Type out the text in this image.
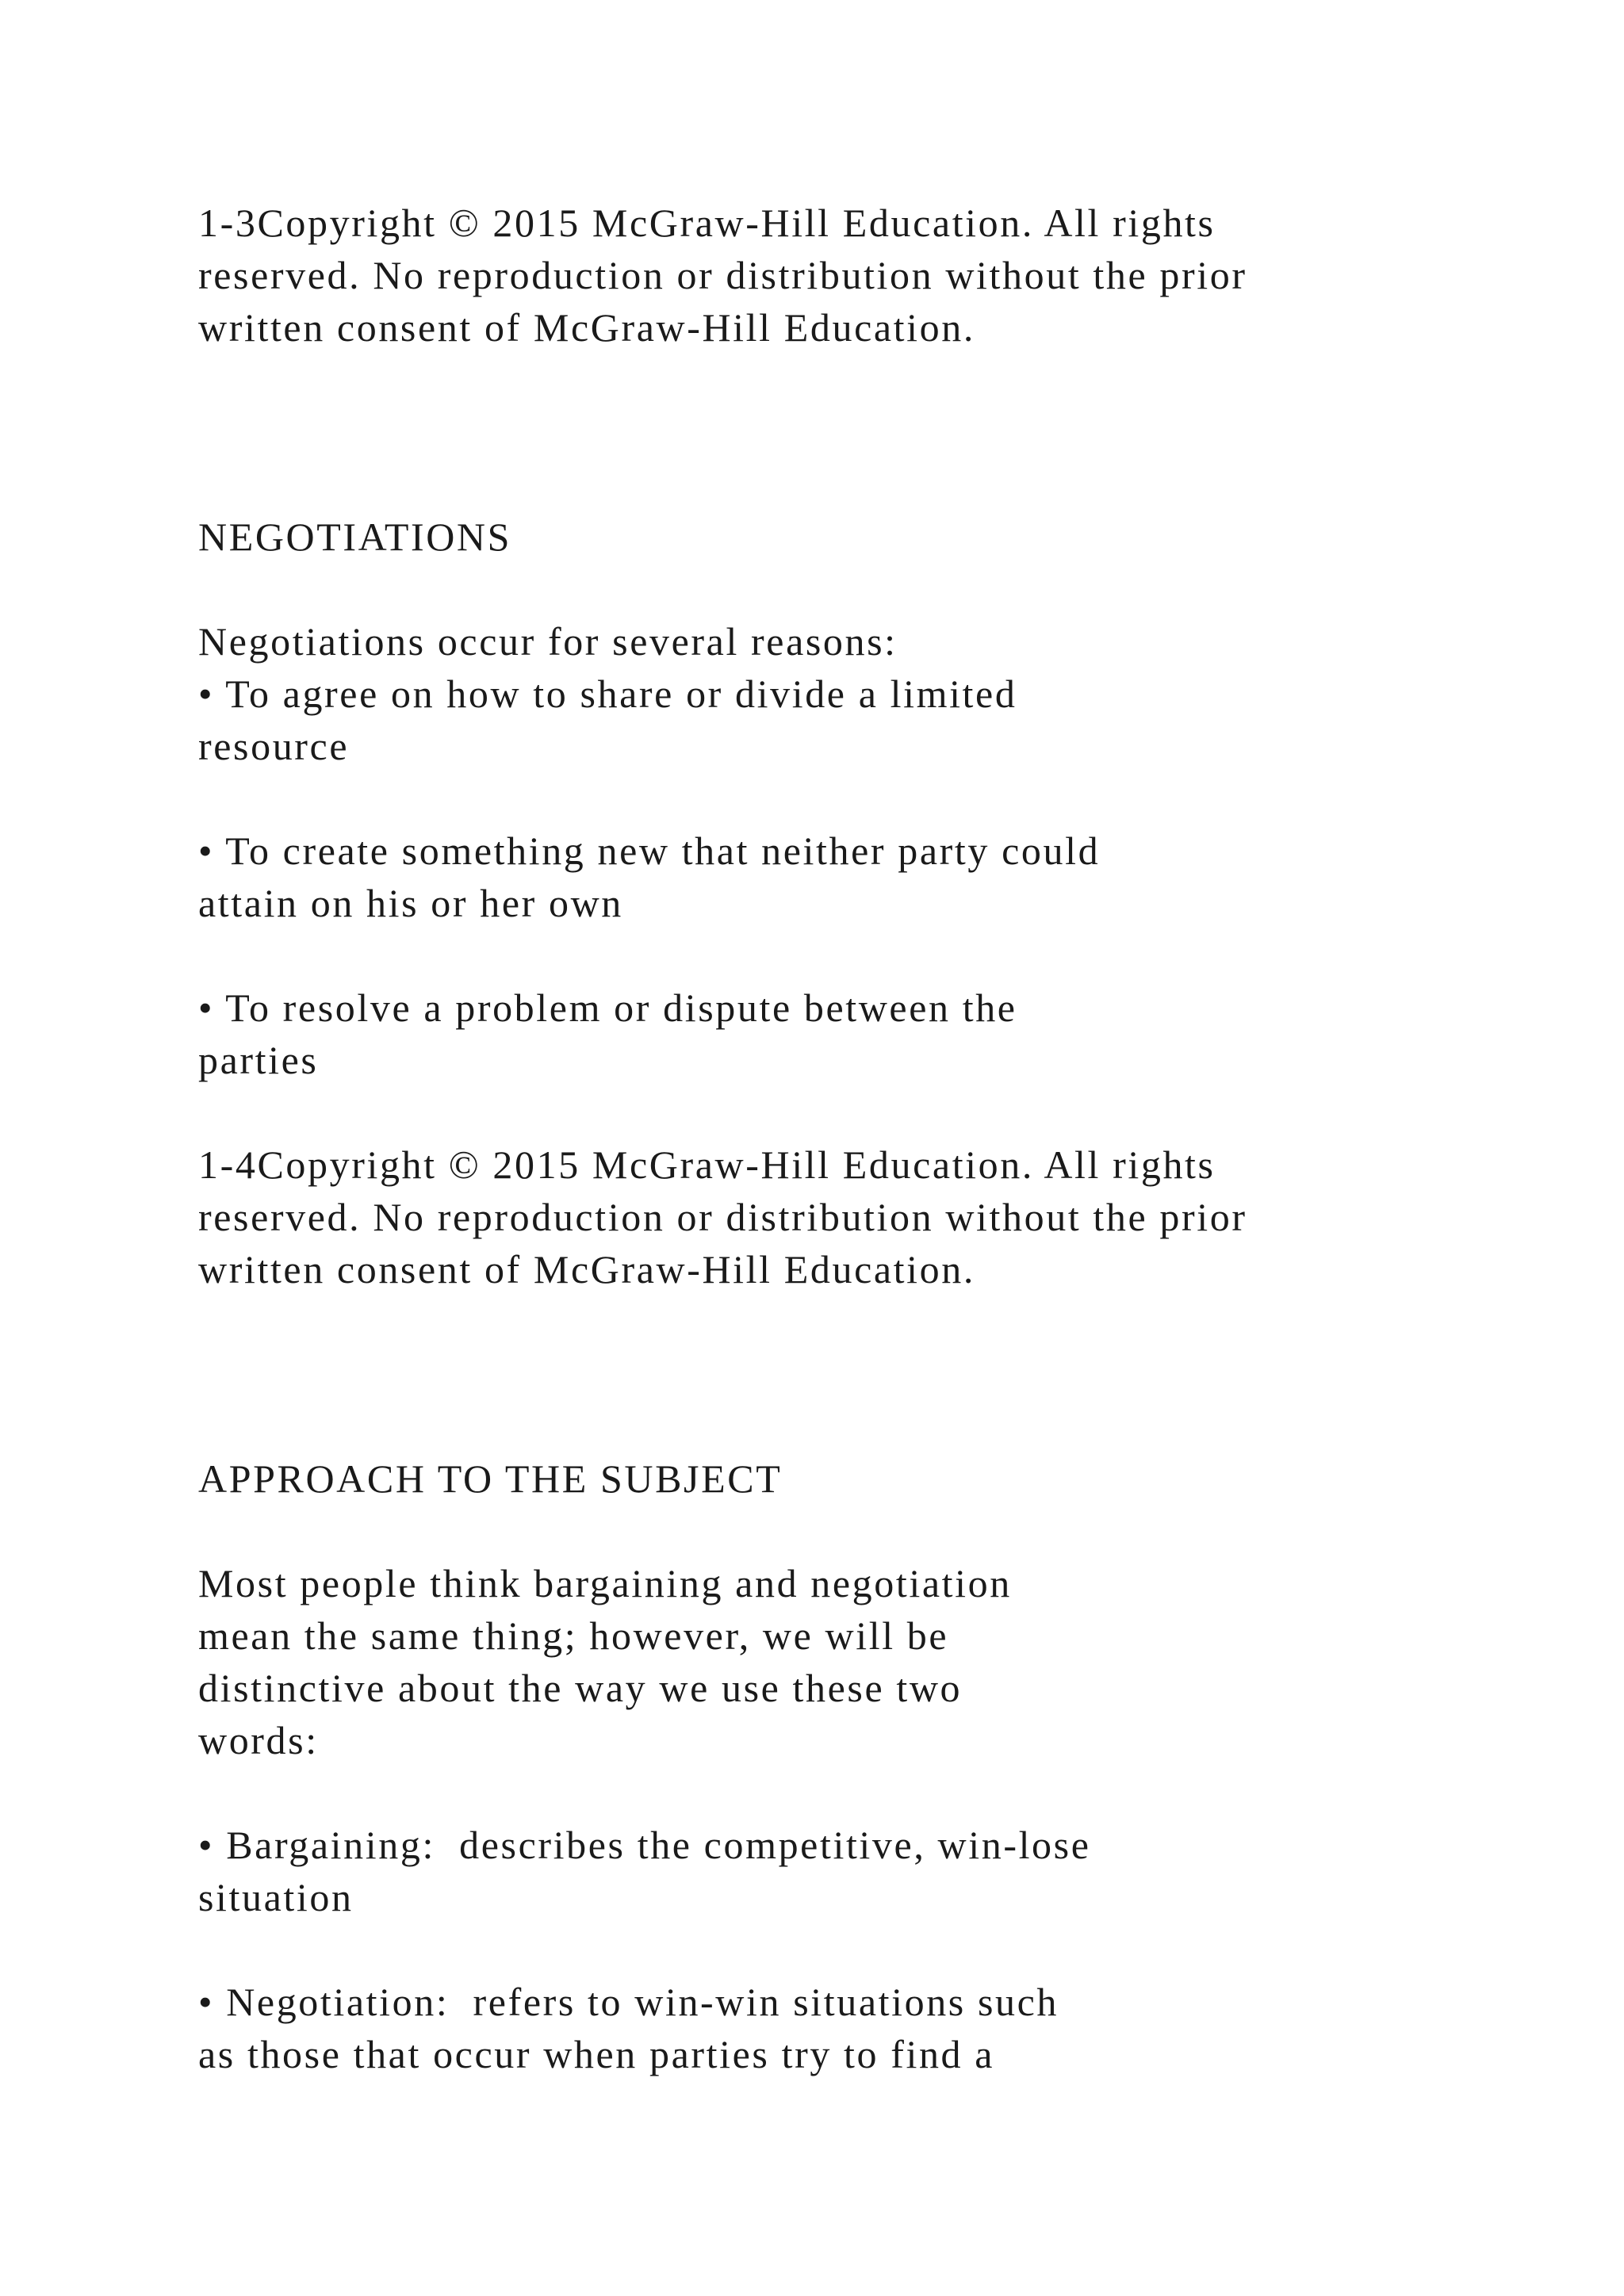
1-3Copyright © 2015 McGraw-Hill Education. All rights

reserved. No reproduction or distribution without the prior

written consent of McGraw-Hill Education.

NEGOTIATIONS

Negotiations occur for several reasons:

• To agree on how to share or divide a limited

resource

• To create something new that neither party could

attain on his or her own

• To resolve a problem or dispute between the

parties

1-4Copyright © 2015 McGraw-Hill Education. All rights

reserved. No reproduction or distribution without the prior

written consent of McGraw-Hill Education.

APPROACH TO THE SUBJECT

Most people think bargaining and negotiation

mean the same thing; however, we will be

distinctive about the way we use these two

words:

• Bargaining:  describes the competitive, win-lose

situation

• Negotiation:  refers to win-win situations such

as those that occur when parties try to find a
